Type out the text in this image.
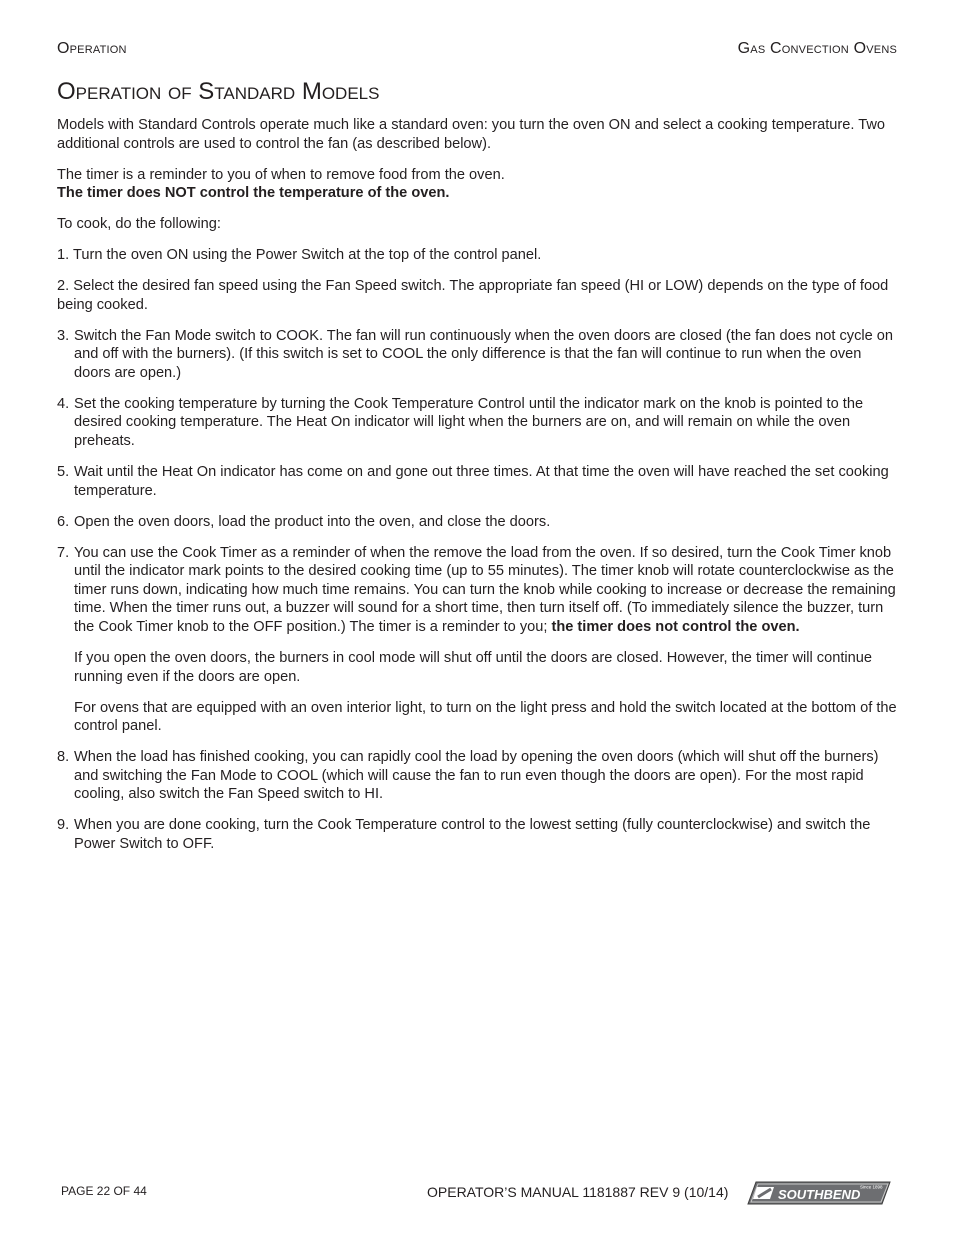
Operation	Gas Convection Ovens
Operation of Standard Models

Models with Standard Controls operate much like a standard oven: you turn the oven ON and select a cooking temperature. Two additional controls are used to control the fan (as described below).

The timer is a reminder to you of when to remove food from the oven.

The timer does NOT control the temperature of the oven.

To cook, do the following:

1. Turn the oven ON using the Power Switch at the top of the control panel.

2. Select the desired fan speed using the Fan Speed switch. The appropriate fan speed (HI or LOW) depends on the type of food being cooked.

3. Switch the Fan Mode switch to COOK. The fan will run continuously when the oven doors are closed (the fan does not cycle on and off with the burners). (If this switch is set to COOL the only difference is that the fan will continue to run when the oven doors are open.)
4. Set the cooking temperature by turning the Cook Temperature Control until the indicator mark on the knob is pointed to the desired cooking temperature. The Heat On indicator will light when the burners are on, and will remain on while the oven preheats.
5. Wait until the Heat On indicator has come on and gone out three times. At that time the oven will have reached the set cooking temperature.
6. Open the oven doors, load the product into the oven, and close the doors.
7. You can use the Cook Timer as a reminder of when the remove the load from the oven. If so desired, turn the Cook Timer knob until the indicator mark points to the desired cooking time (up to 55 minutes). The timer knob will rotate counterclockwise as the timer runs down, indicating how much time remains. You can turn the knob while cooking to increase or decrease the remaining time. When the timer runs out, a buzzer will sound for a short time, then turn itself off. (To immediately silence the buzzer, turn the Cook Timer knob to the OFF position.) The timer is a reminder to you; the timer does not control the oven.

If you open the oven doors, the burners in cool mode will shut off until the doors are closed. However, the timer will continue running even if the doors are open.

For ovens that are equipped with an oven interior light, to turn on the light press and hold the switch located at the bottom of the control panel.

8. When the load has finished cooking, you can rapidly cool the load by opening the oven doors (which will shut off the burners) and switching the Fan Mode to COOL (which will cause the fan to run even though the doors are open). For the most rapid cooling, also switch the Fan Speed switch to HI.
9. When you are done cooking, turn the Cook Temperature control to the lowest setting (fully counterclockwise) and switch the Power Switch to OFF.
PAGE 22 OF 44	OPERATOR’S MANUAL 1181887 REV 9 (10/14)	SOUTHBEND Since 1898
